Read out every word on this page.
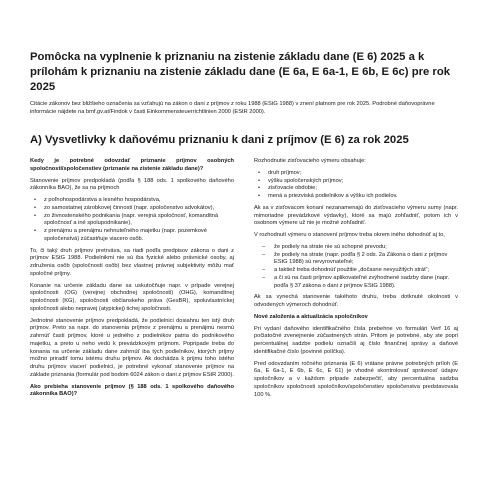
Pomôcka na vyplnenie k priznaniu na zistenie základu dane (E 6) 2025 a k prílohám k priznaniu na zistenie základu dane (E 6a, E 6a-1, E 6b, E 6c) pre rok 2025

Citácie zákonov bez bližšieho označenia sa vzťahujú na zákon o dani z príjmov z roku 1988 (EStG 1988) v znení platnom pre rok 2025. Podrobné daňovoprávne informácie nájdete na bmf.gv.at/Findok v časti Einkommensteuerrichtlinien 2000 (EStR 2000).

A) Vysvetlivky k daňovému priznaniu k dani z príjmov (E 6) za rok 2025

Kedy je potrebné odovzdať priznanie príjmov osobných spoločností/spoločenstiev (priznanie na zistenie základu dane)?

Stanovenie príjmov predpokladá (podľa § 188 ods. 1 spolkového daňového zákonníka BAO), že sa na príjmoch

• z poľnohospodárstva a lesného hospodárstva,
• zo samostatnej zárobkovej činnosti (napr. spoločenstvo advokátov),
• zo živnostenského podnikania (napr. verejná spoločnosť, komanditná spoločnosť a iné spolupodnikanie),
• z prenájmu a prenájmu nehnuteľného majetku (napr. pozemkové spoločenstvá) zúčastňuje viacero osôb.

To, či taký druh príjmov pretrváva, sa riadi podľa predpisov zákona o dani z príjmov EStG 1988. Podielnikmi nie sú iba fyzické alebo právnické osoby, aj združenia osôb (spoločnosti osôb) bez vlastnej právnej subjektivity môžu mať spoločné príjmy.

Konanie na určenie základu dane sa uskutočňuje napr. v prípade verejnej spoločnosti (OG) (verejnej obchodnej spoločnosti) (OHG), komanditnej spoločnosti (KG), spoločnosti občianskeho práva (GesBR), spoluvlastníckej spoločnosti alebo nepravej (atypickej) tichej spoločnosti.

Jednotné stanovenie príjmov predpokladá, že podielnici dosiahnu ten istý druh príjmov. Preto sa napr. do stanovenia príjmov z prenájmu a prenájmu nesmú zahrnúť časti príjmov, ktoré u jedného z podielnikov patria do podnikového majetku, a preto u neho vedú k prevádzkovým príjmom. Popripade treba do konania na určenie základu dane zahrnúť iba tých podielnikov, ktorých príjmy možno priradiť tomu istému druhu príjmov. Ak dochádza k prijmu toho istého druhu príjmov viacerí podielnici, je potrebné vykonať stanovenie príjmov na základe priznania (formulár pod bodom 6024 zákon o dani z príjmov EStR 2000).

Ako prebieha stanovenie príjmov (§ 188 ods. 1 spolkového daňového zákonníka BAO)?

Rozhodnutie zisťovacieho výmeru obsahuje:

• druh príjmov;
• výšku spoločenských príjmov;
• zisťovacie obdobie;
• mená a priezviská podielnikov a výšku ich podielov.

Ak sa v zisťovacom konaní nezanamenajú do zisťovacieho výmeru sumy (napr. mimoriadne prevádzkové výdavky), ktoré sa majú zohľadniť, potom ich v osobnom výmere už nie je možné zohľadniť.

V rozhodnutí výmeru o stanovení príjmov treba okrem iného dohodnúť aj to,

– že podiely na strate nie sú schopné prevodu;
– že podiely na strate (napr. podľa § 2 ods. 2a Zákona o dani z príjmov EStG 1988) sú nevyrovnateľné;
– a taktiež treba dohodnúť použitie „dočasne nevyužitých strát“;
– a či sú na časti príjmov aplikovateľné zvýhodnené sadzby dane (napr. podľa § 37 zákona o dani z príjmov EStG 1988).

Ak sa vynechá stanovenie takéhoto druhu, treba dotknuté okolnosti v odvodených výmeroch dohodnúť.

Nové založenia a aktualizácia spoločníkov

Pri vydaní daňového identifikačného čísla prebehne vo formulári Verf 16 aj počiatočné zvenejnenie zúčastnených strán. Pritom je potrebné, aby ste popri percentuálnej sadzbe podielu označili aj číslo finančnej správy a daňové identifikačné číslo (povinné políčka).

Pred odovzdaním ročného priznania (E 6) vrátane právne potrebných príloh (E 6a, E 6a-1, E 6b, E 6c, E 61) je vhodné skontrolovať správnosť údajov spoločníkov a v každom prípade zabezpečiť, aby percentuálna sadzba spoločníkov spoločnosti spoločníkov/spoločenstiev spoločenstva predstavovala 100 %.
